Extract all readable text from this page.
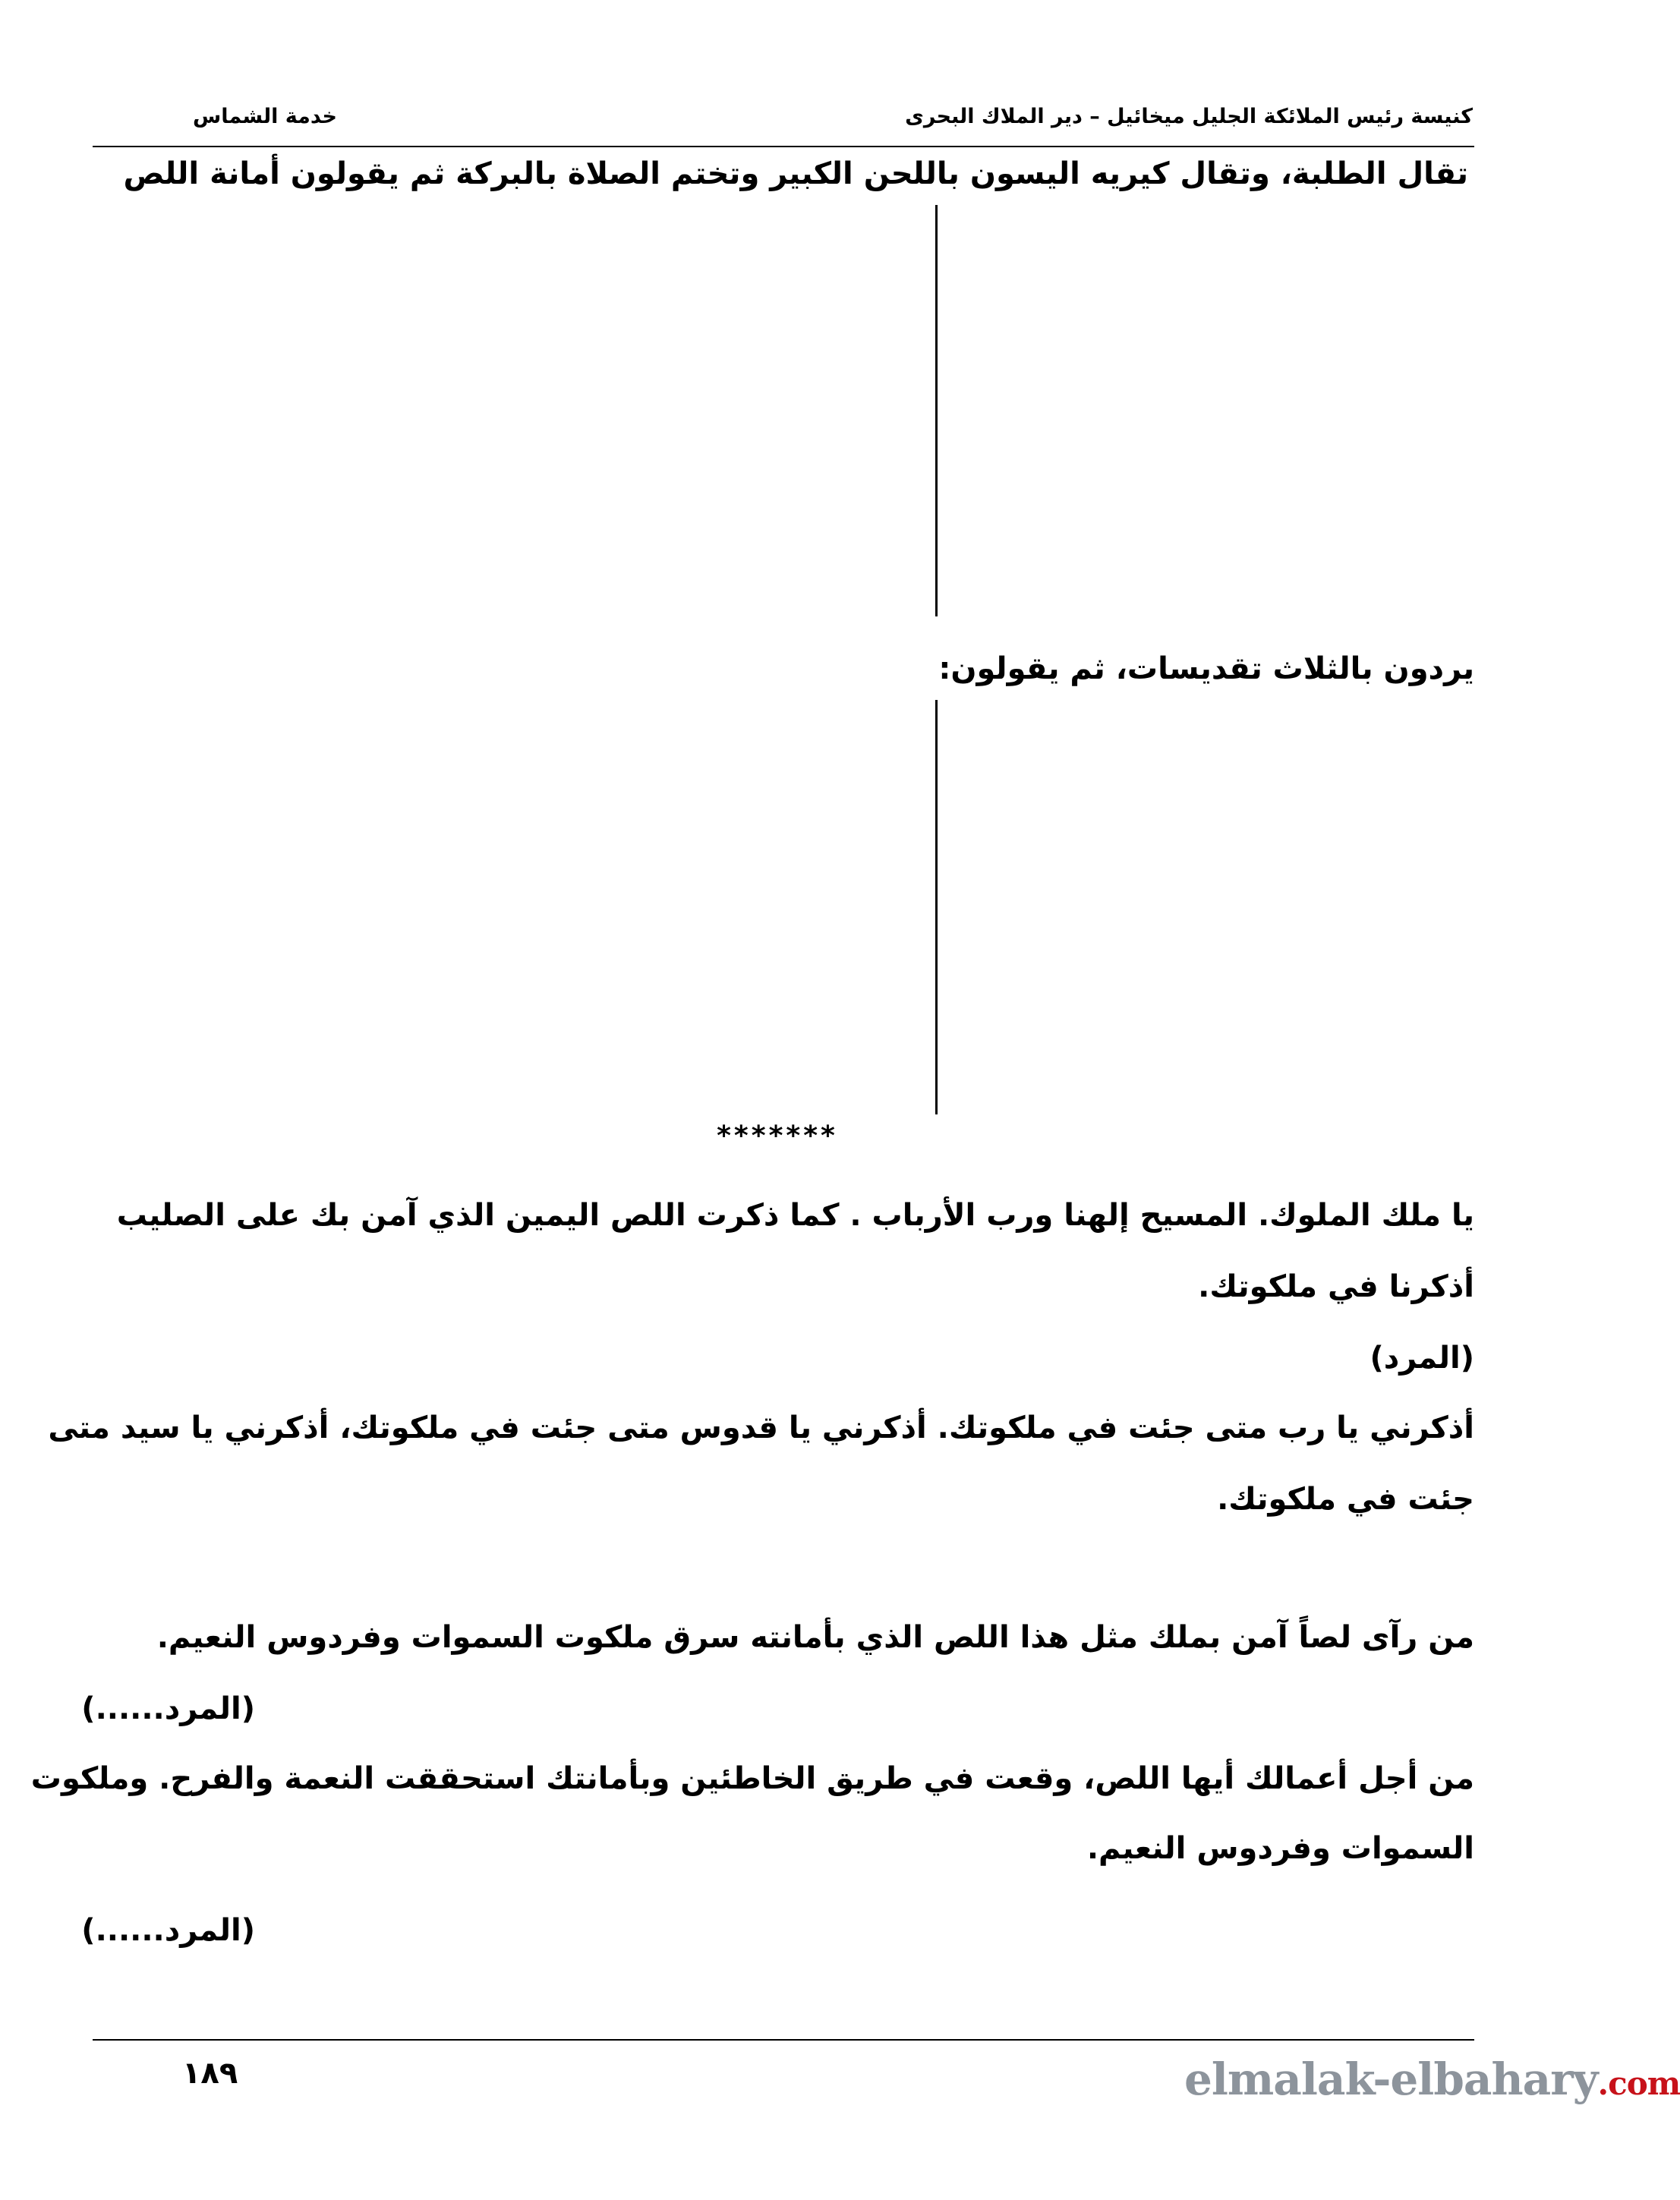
كنيسة رئيس الملائكة الجليل ميخائيل – دير الملاك البحرى
خدمة الشماس
تقال الطلبة، وتقال كيريه اليسون باللحن الكبير وتختم الصلاة بالبركة ثم يقولون أمانة اللص
يردون بالثلاث تقديسات، ثم يقولون:
*******
يا ملك الملوك. المسيح إلهنا ورب الأرباب . كما ذكرت اللص اليمين الذي آمن بك على الصليب
أذكرنا في ملكوتك.
(المرد)
أذكرني يا رب متى جئت في ملكوتك. أذكرني يا قدوس متى جئت في ملكوتك، أذكرني يا سيد متى
جئت في ملكوتك.
من رآى لصاً آمن بملك مثل هذا اللص الذي بأمانته سرق ملكوت السموات وفردوس النعيم.
(المرد......)
من أجل أعمالك أيها اللص، وقعت في طريق الخاطئين وبأمانتك استحققت النعمة والفرح. وملكوت
السموات وفردوس النعيم.
(المرد......)
١٨٩	elmalak-elbahary.com
